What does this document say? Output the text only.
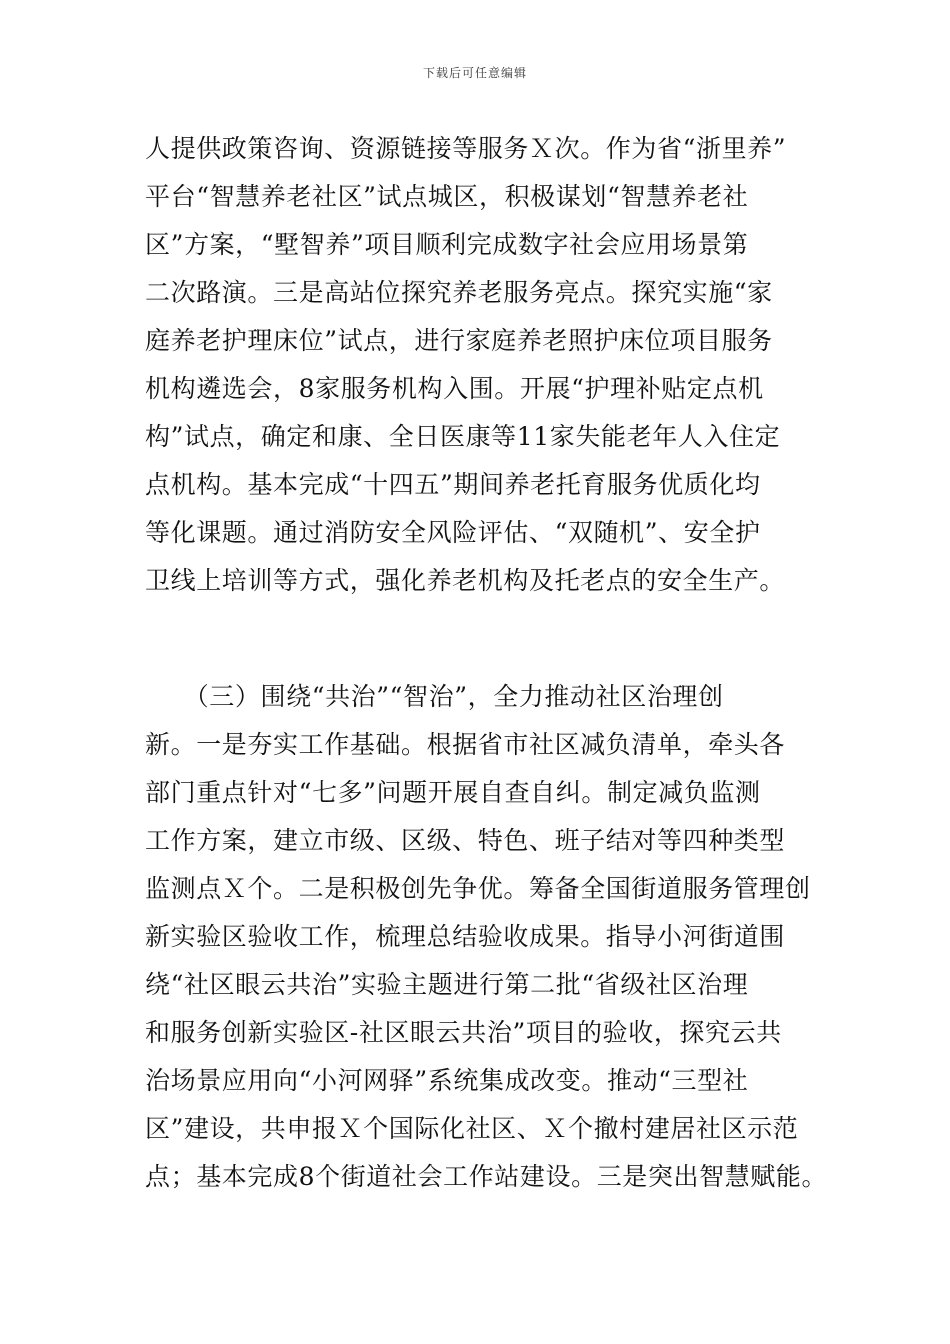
下载后可任意编辑
人提供政策咨询、资源链接等服务Ｘ次。作为省“浙里养”
平台“智慧养老社区”试点城区，积极谋划“智慧养老社
区”方案，“墅智养”项目顺利完成数字社会应用场景第
二次路演。三是高站位探究养老服务亮点。探究实施“家
庭养老护理床位”试点，进行家庭养老照护床位项目服务
机构遴选会，8家服务机构入围。开展“护理补贴定点机
构”试点，确定和康、全日医康等11家失能老年人入住定
点机构。基本完成“十四五”期间养老托育服务优质化均
等化课题。通过消防安全风险评估、“双随机”、安全护
卫线上培训等方式，强化养老机构及托老点的安全生产。
　　（三）围绕“共治”“智治”，全力推动社区治理创
新。一是夯实工作基础。根据省市社区减负清单，牵头各
部门重点针对“七多”问题开展自查自纠。制定减负监测
工作方案，建立市级、区级、特色、班子结对等四种类型
监测点Ｘ个。二是积极创先争优。筹备全国街道服务管理创
新实验区验收工作，梳理总结验收成果。指导小河街道围
绕“社区眼云共治”实验主题进行第二批“省级社区治理
和服务创新实验区-社区眼云共治”项目的验收，探究云共
治场景应用向“小河网驿”系统集成改变。推动“三型社
区”建设，共申报Ｘ个国际化社区、Ｘ个撤村建居社区示范
点；基本完成8个街道社会工作站建设。三是突出智慧赋能。
